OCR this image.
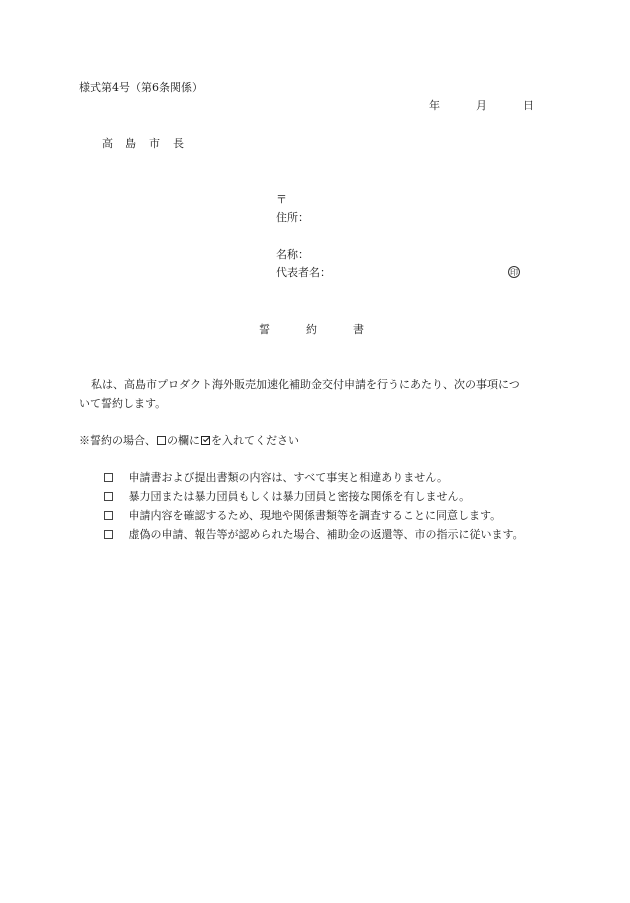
様式第4号（第6条関係）
年	月	日
高 島 市 長
〒
住所：
名称：
代表者名：	印
誓	約	書
私は、高島市プロダクト海外販売加速化補助金交付申請を行うにあたり、次の事項につ
いて誓約します。
※誓約の場合、 の欄に を入れてください
申請書および提出書類の内容は、すべて事実と相違ありません。
暴力団または暴力団員もしくは暴力団員と密接な関係を有しません。
申請内容を確認するため、現地や関係書類等を調査することに同意します。
虚偽の申請、報告等が認められた場合、補助金の返還等、市の指示に従います。
